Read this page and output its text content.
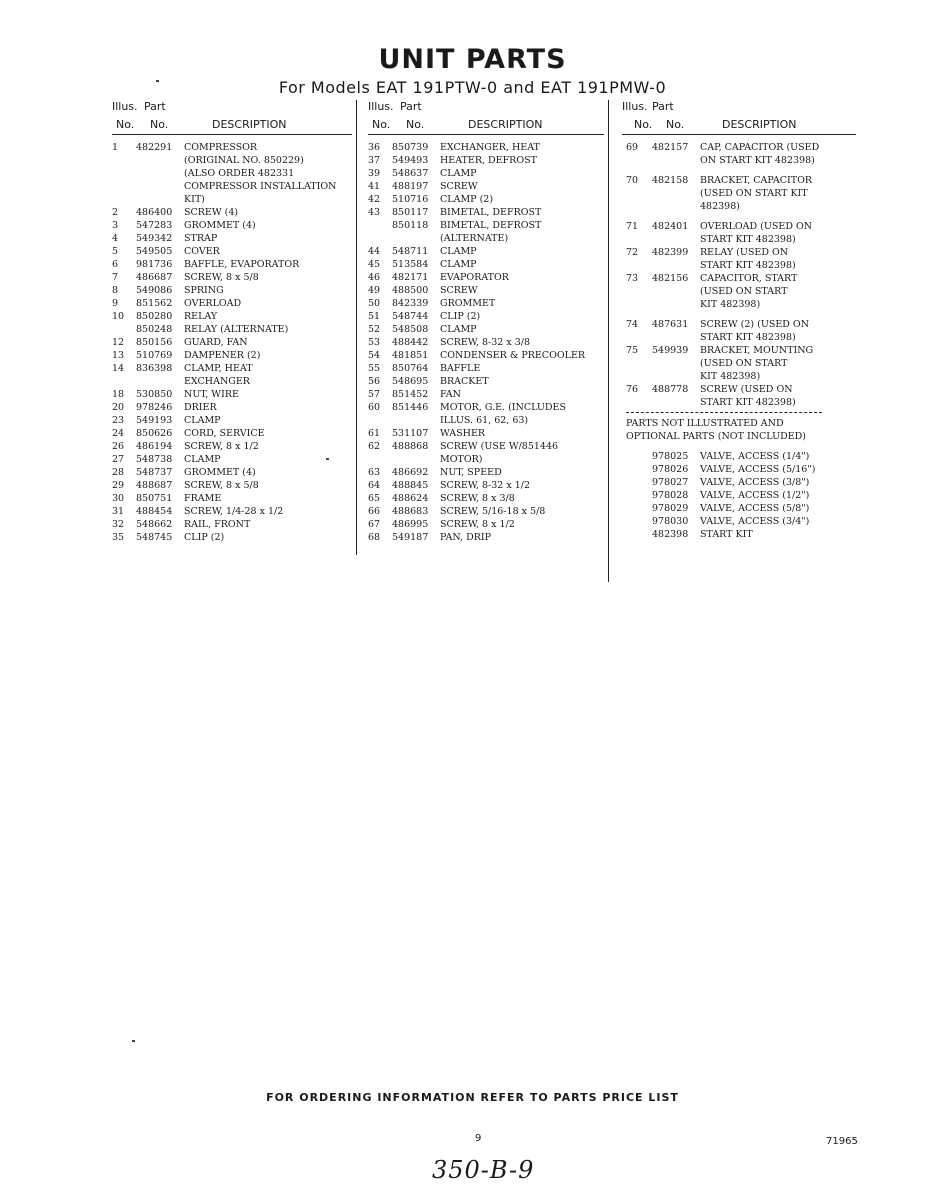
UNIT PARTS
For Models EAT 191PTW-0 and EAT 191PMW-0
Illus. Part
No. No.	DESCRIPTION
1	482291 COMPRESSOR
(ORIGINAL NO. 850229)
(ALSO ORDER 482331
COMPRESSOR INSTALLATION
KIT)
2	486400 SCREW (4)
3	547283 GROMMET (4)
4	549342 STRAP
5	549505 COVER
6	981736 BAFFLE, EVAPORATOR
7	486687 SCREW, 8 x 5/8
8	549086 SPRING
9	851562 OVERLOAD
10	850280 RELAY
850248 RELAY (ALTERNATE)
12	850156 GUARD, FAN
13	510769 DAMPENER (2)
14	836398 CLAMP, HEAT
EXCHANGER
18	530850 NUT, WIRE
20	978246 DRIER
23	549193 CLAMP
24	850626 CORD, SERVICE
26	486194 SCREW, 8 x 1/2
27	548738 CLAMP
28	548737 GROMMET (4)
29	488687 SCREW, 8 x 5/8
30	850751 FRAME
31	488454 SCREW, 1/4-28 x 1/2
32	548662 RAIL, FRONT
35	548745 CLIP (2)
Illus. Part
No. No.	DESCRIPTION
36	850739 EXCHANGER, HEAT
37	549493 HEATER, DEFROST
39	548637 CLAMP
41	488197 SCREW
42	510716 CLAMP (2)
43	850117 BIMETAL, DEFROST
850118 BIMETAL, DEFROST
(ALTERNATE)
44	548711 CLAMP
45	513584 CLAMP
46	482171 EVAPORATOR
49	488500 SCREW
50	842339 GROMMET
51	548744 CLIP (2)
52	548508 CLAMP
53	488442 SCREW, 8-32 x 3/8
54	481851 CONDENSER & PRECOOLER
55	850764 BAFFLE
56	548695 BRACKET
57	851452 FAN
60	851446 MOTOR, G.E. (INCLUDES
ILLUS. 61, 62, 63)
61	531107 WASHER
62	488868 SCREW (USE W/851446
MOTOR)
63	486692 NUT, SPEED
64	488845 SCREW, 8-32 x 1/2
65	488624 SCREW, 8 x 3/8
66	488683 SCREW, 5/16-18 x 5/8
67	486995 SCREW, 8 x 1/2
68	549187 PAN, DRIP
Illus. Part
No. No.	DESCRIPTION
69	482157 CAP, CAPACITOR (USED
ON START KIT 482398)
70	482158 BRACKET, CAPACITOR
(USED ON START KIT
482398)
71	482401 OVERLOAD (USED ON
START KIT 482398)
72	482399 RELAY (USED ON
START KIT 482398)
73	482156 CAPACITOR, START
(USED ON START
KIT 482398)
74	487631 SCREW (2) (USED ON
START KIT 482398)
75	549939 BRACKET, MOUNTING
(USED ON START
KIT 482398)
76	488778 SCREW (USED ON
START KIT 482398)
PARTS NOT ILLUSTRATED AND
OPTIONAL PARTS (NOT INCLUDED)
978025 VALVE, ACCESS (1/4")
978026 VALVE, ACCESS (5/16")
978027 VALVE, ACCESS (3/8")
978028 VALVE, ACCESS (1/2")
978029 VALVE, ACCESS (5/8")
978030 VALVE, ACCESS (3/4")
482398 START KIT
FOR ORDERING INFORMATION REFER TO PARTS PRICE LIST
9	71965
350-B-9
